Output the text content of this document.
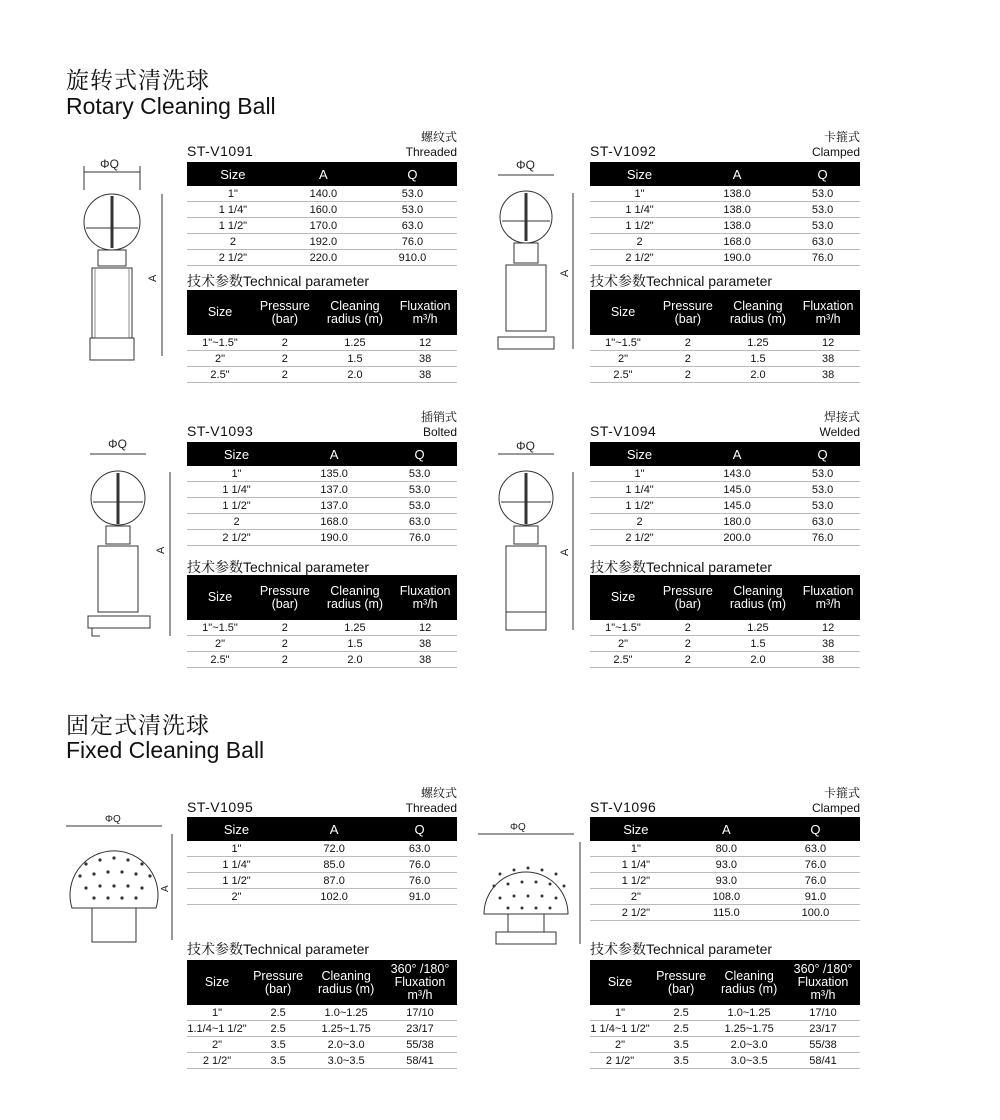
旋转式清洗球
Rotary Cleaning Ball
固定式清洗球
Fixed Cleaning Ball
ST-V1091
螺纹式
Threaded
Size	A	Q
1"	140.0	53.0
1 1/4"	160.0	53.0
1 1/2"	170.0	63.0
2	192.0	76.0
2 1/2"	220.0	910.0
技术参数Technical parameter
Size	Pressure (bar)	Cleaning radius (m)	Fluxation m³/h
1"~1.5"	2	1.25	12
2"	2	1.5	38
2.5"	2	2.0	38
ST-V1092
卡箍式
Clamped
Size	A	Q
1"	138.0	53.0
1 1/4"	138.0	53.0
1 1/2"	138.0	53.0
2	168.0	63.0
2 1/2"	190.0	76.0
技术参数Technical parameter
Size	Pressure (bar)	Cleaning radius (m)	Fluxation m³/h
1"~1.5"	2	1.25	12
2"	2	1.5	38
2.5"	2	2.0	38
ST-V1093
插销式
Bolted
Size	A	Q
1"	135.0	53.0
1 1/4"	137.0	53.0
1 1/2"	137.0	53.0
2	168.0	63.0
2 1/2"	190.0	76.0
技术参数Technical parameter
Size	Pressure (bar)	Cleaning radius (m)	Fluxation m³/h
1"~1.5"	2	1.25	12
2"	2	1.5	38
2.5"	2	2.0	38
ST-V1094
焊接式
Welded
Size	A	Q
1"	143.0	53.0
1 1/4"	145.0	53.0
1 1/2"	145.0	53.0
2	180.0	63.0
2 1/2"	200.0	76.0
技术参数Technical parameter
Size	Pressure (bar)	Cleaning radius (m)	Fluxation m³/h
1"~1.5"	2	1.25	12
2"	2	1.5	38
2.5"	2	2.0	38
ST-V1095
螺纹式
Threaded
Size	A	Q
1"	72.0	63.0
1 1/4"	85.0	76.0
1 1/2"	87.0	76.0
2"	102.0	91.0
技术参数Technical parameter
Size	Pressure (bar)	Cleaning radius (m)	360° /180° Fluxation m³/h
1"	2.5	1.0~1.25	17/10
1.1/4~1 1/2"	2.5	1.25~1.75	23/17
2"	3.5	2.0~3.0	55/38
2 1/2"	3.5	3.0~3.5	58/41
ST-V1096
卡箍式
Clamped
Size	A	Q
1"	80.0	63.0
1 1/4"	93.0	76.0
1 1/2"	93.0	76.0
2"	108.0	91.0
2 1/2"	115.0	100.0
技术参数Technical parameter
Size	Pressure (bar)	Cleaning radius (m)	360° /180° Fluxation m³/h
1"	2.5	1.0~1.25	17/10
1 1/4~1 1/2"	2.5	1.25~1.75	23/17
2"	3.5	2.0~3.0	55/38
2 1/2"	3.5	3.0~3.5	58/41
ΦQ
A
ΦQ
A
ΦQ
A
ΦQ
A
ΦQ
A
ΦQ
